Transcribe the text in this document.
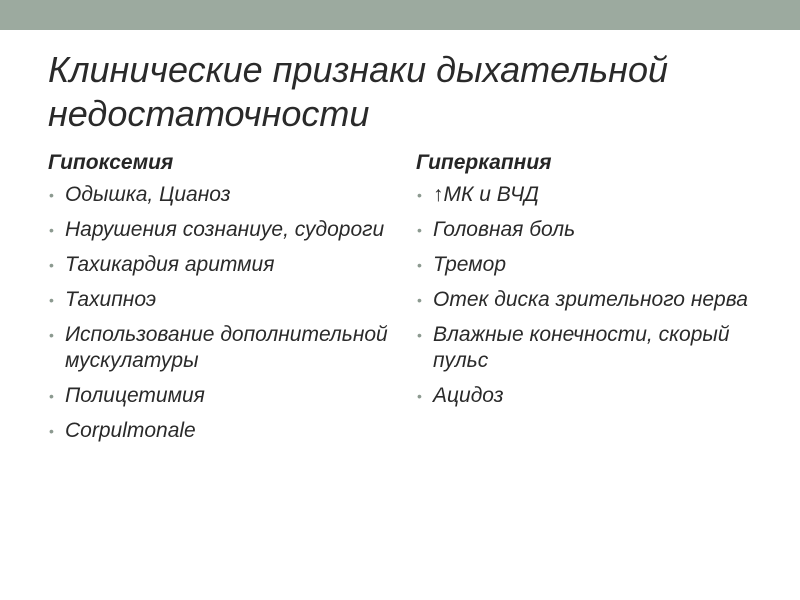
Клинические признаки дыхательной недостаточности
Гипоксемия
• Одышка, Цианоз
• Нарушения сознаниye, судороги
• Тахикардия аритмия
• Тахипноэ
• Использование дополнительной мускулатуры
• Полицетимия
• Corpulmonale
Гиперкапния
• ↑МК и ВЧД
• Головная боль
• Тремор
• Отек диска зрительного нерва
• Влажные конечности, скорый пульс
• Ацидоз
